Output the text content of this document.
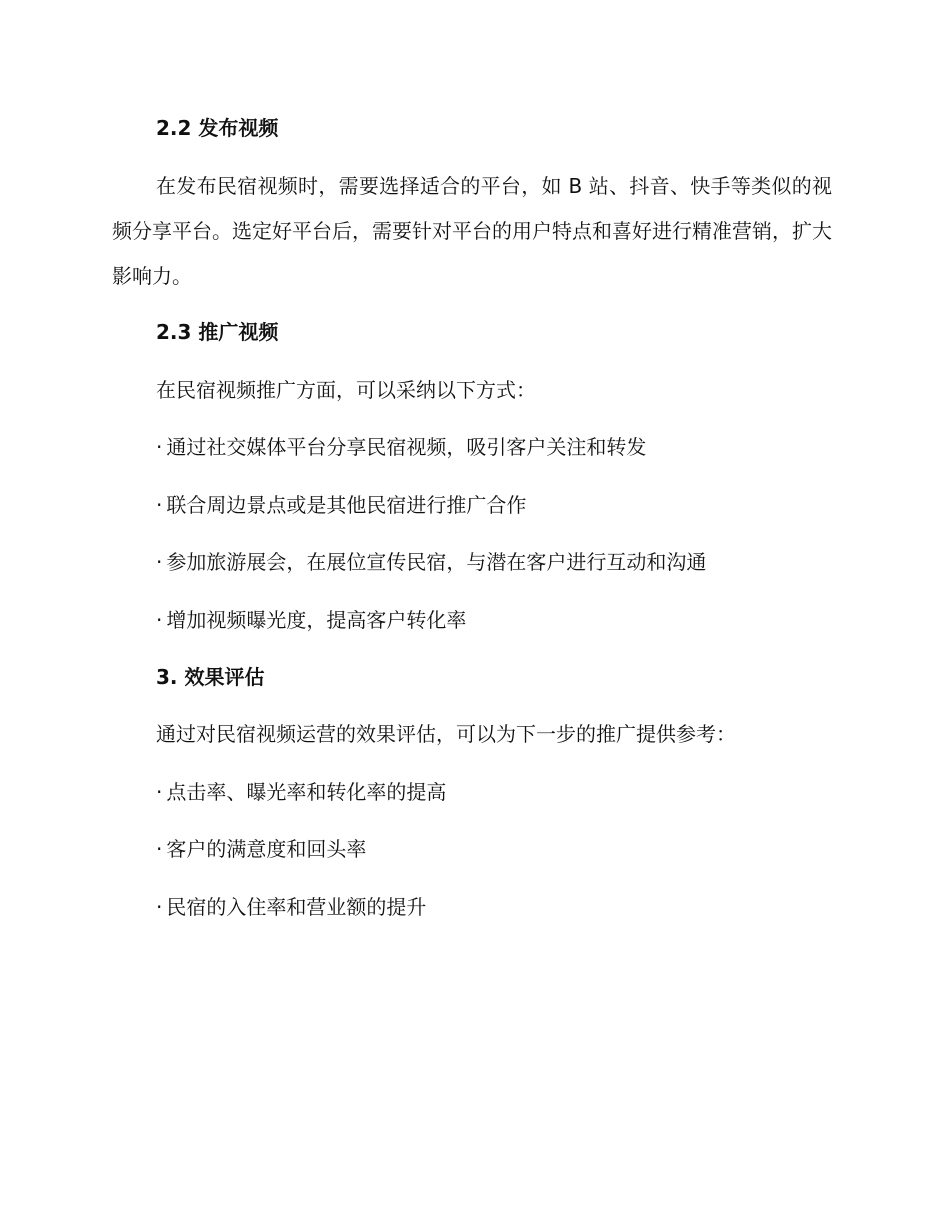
2.2 发布视频

在发布民宿视频时，需要选择适合的平台，如 B 站、抖音、快手等类似的视频分享平台。选定好平台后，需要针对平台的用户特点和喜好进行精准营销，扩大影响力。

2.3 推广视频
在民宿视频推广方面，可以采纳以下方式：
· 通过社交媒体平台分享民宿视频，吸引客户关注和转发
· 联合周边景点或是其他民宿进行推广合作
· 参加旅游展会，在展位宣传民宿，与潜在客户进行互动和沟通
· 增加视频曝光度，提高客户转化率
3. 效果评估
通过对民宿视频运营的效果评估，可以为下一步的推广提供参考：
· 点击率、曝光率和转化率的提高
· 客户的满意度和回头率
· 民宿的入住率和营业额的提升
